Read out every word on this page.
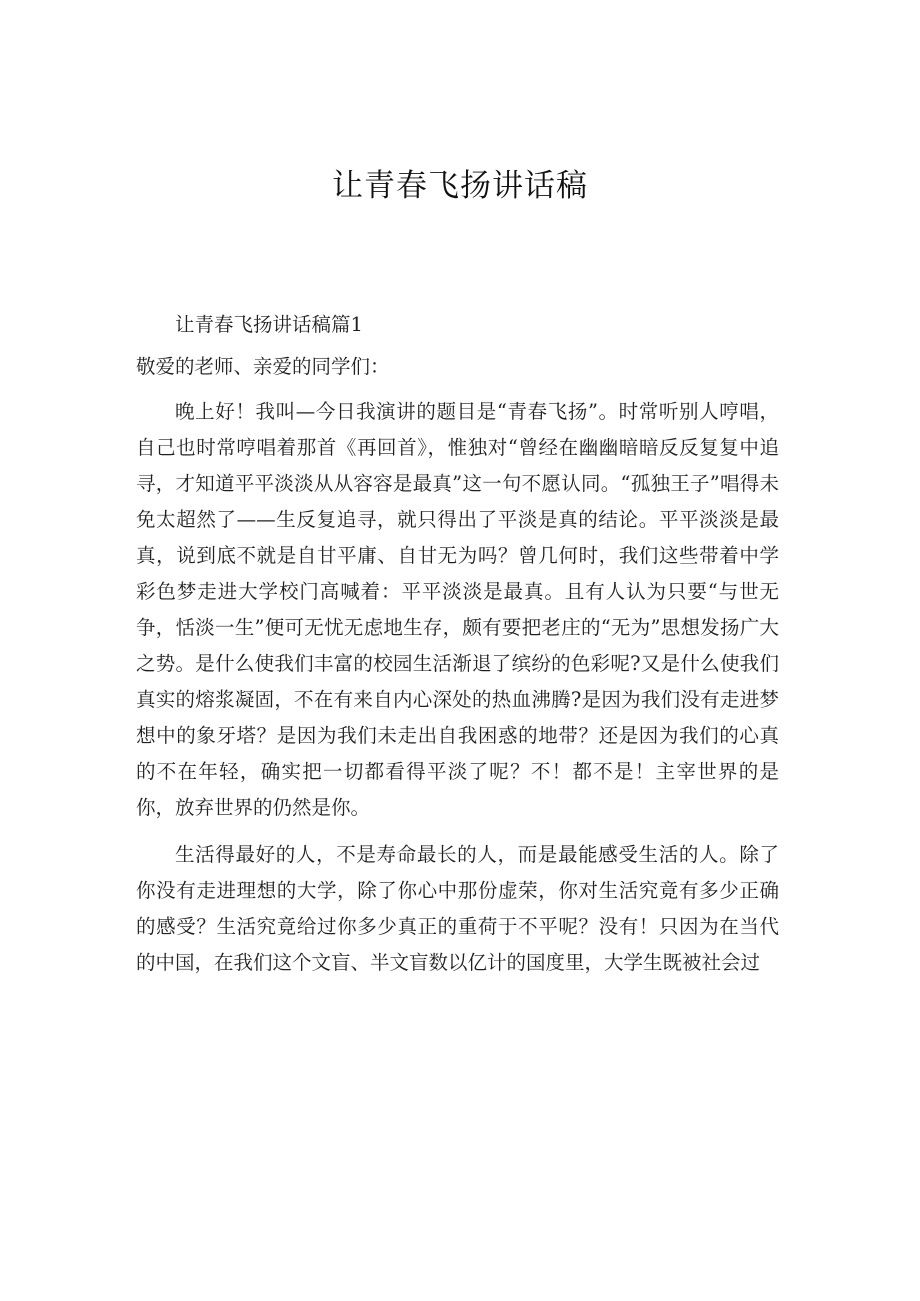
让青春飞扬讲话稿

让青春飞扬讲话稿篇1

敬爱的老师、亲爱的同学们：

晚上好！我叫—今日我演讲的题目是“青春飞扬”。时常听别人哼唱，自己也时常哼唱着那首《再回首》，惟独对“曾经在幽幽暗暗反反复复中追寻，才知道平平淡淡从从容容是最真”这一句不愿认同。“孤独王子”唱得未免太超然了——生反复追寻，就只得出了平淡是真的结论。平平淡淡是最真，说到底不就是自甘平庸、自甘无为吗？曾几何时，我们这些带着中学彩色梦走进大学校门高喊着：平平淡淡是最真。且有人认为只要“与世无争，恬淡一生”便可无忧无虑地生存，颇有要把老庄的“无为”思想发扬广大之势。是什么使我们丰富的校园生活渐退了缤纷的色彩呢?又是什么使我们真实的熔浆凝固，不在有来自内心深处的热血沸腾?是因为我们没有走进梦想中的象牙塔？是因为我们未走出自我困惑的地带？还是因为我们的心真的不在年轻，确实把一切都看得平淡了呢？不！都不是！主宰世界的是你，放弃世界的仍然是你。

生活得最好的人，不是寿命最长的人，而是最能感受生活的人。除了你没有走进理想的大学，除了你心中那份虚荣，你对生活究竟有多少正确的感受？生活究竟给过你多少真正的重荷于不平呢？没有！只因为在当代的中国，在我们这个文盲、半文盲数以亿计的国度里，大学生既被社会过
